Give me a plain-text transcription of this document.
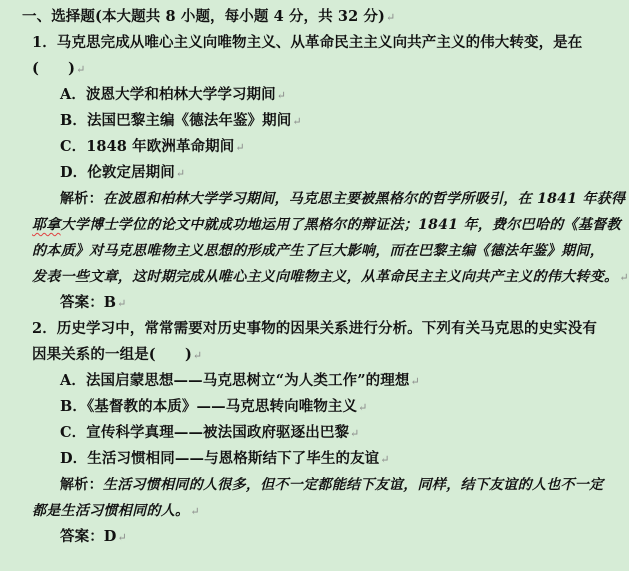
一、选择题(本大题共 8 小题，每小题 4 分，共 32 分)↵
1．马克思完成从唯心主义向唯物主义、从革命民主主义向共产主义的伟大转变，是在
(　　)↵
A．波恩大学和柏林大学学习期间↵
B．法国巴黎主编《德法年鉴》期间↵
C．1848 年欧洲革命期间↵
D．伦敦定居期间↵
解析：在波恩和柏林大学学习期间，马克思主要被黑格尔的哲学所吸引，在 1841 年获得
耶拿大学博士学位的论文中就成功地运用了黑格尔的辩证法；1841 年，费尔巴哈的《基督教
的本质》对马克思唯物主义思想的形成产生了巨大影响，而在巴黎主编《德法年鉴》期间，
发表一些文章，这时期完成从唯心主义向唯物主义，从革命民主主义向共产主义的伟大转变。↵
答案：B↵
2．历史学习中，常常需要对历史事物的因果关系进行分析。下列有关马克思的史实没有
因果关系的一组是(　　)↵
A．法国启蒙思想——马克思树立“为人类工作”的理想↵
B．《基督教的本质》——马克思转向唯物主义↵
C．宣传科学真理——被法国政府驱逐出巴黎↵
D．生活习惯相同——与恩格斯结下了毕生的友谊↵
解析：生活习惯相同的人很多，但不一定都能结下友谊，同样，结下友谊的人也不一定
都是生活习惯相同的人。↵
答案：D↵
